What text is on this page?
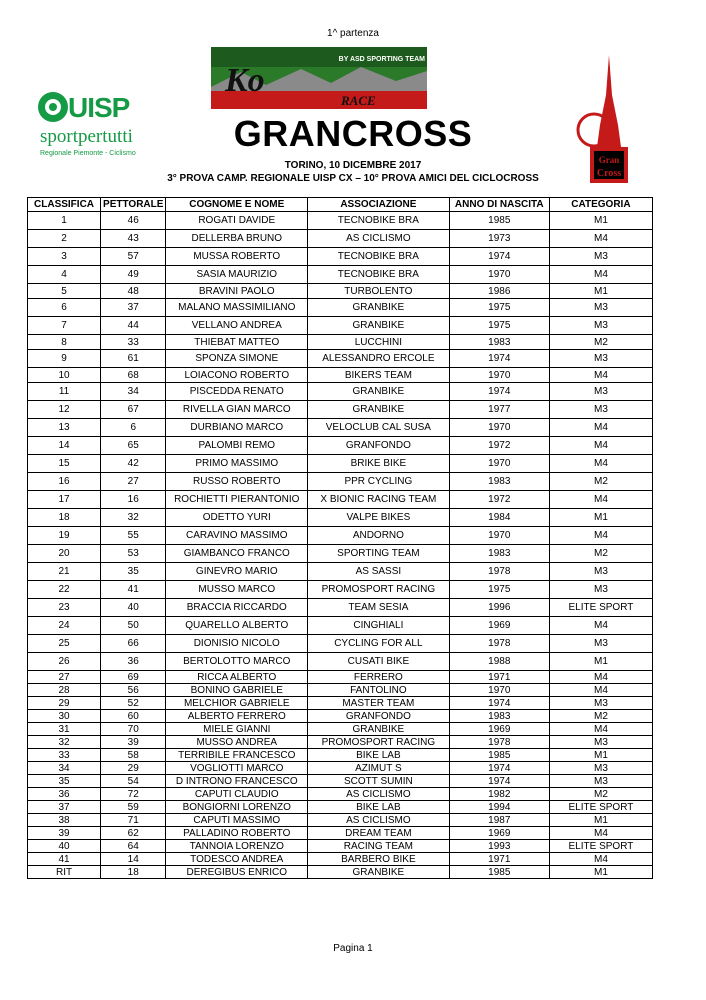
1^ partenza
UISP
sportpertutti
Regionale Piemonte - Ciclismo
BY ASD SPORTING TEAM
Ko
RACE
Gran
Cross
GRANCROSS
TORINO, 10 DICEMBRE 2017
3° PROVA CAMP. REGIONALE UISP CX – 10° PROVA AMICI DEL CICLOCROSS
CLASSIFICA	PETTORALE	COGNOME E NOME	ASSOCIAZIONE	ANNO DI NASCITA	CATEGORIA
1	46	ROGATI DAVIDE	TECNOBIKE BRA	1985	M1
2	43	DELLERBA BRUNO	AS CICLISMO	1973	M4
3	57	MUSSA ROBERTO	TECNOBIKE BRA	1974	M3
4	49	SASIA MAURIZIO	TECNOBIKE BRA	1970	M4
5	48	BRAVINI PAOLO	TURBOLENTO	1986	M1
6	37	MALANO MASSIMILIANO	GRANBIKE	1975	M3
7	44	VELLANO ANDREA	GRANBIKE	1975	M3
8	33	THIEBAT MATTEO	LUCCHINI	1983	M2
9	61	SPONZA SIMONE	ALESSANDRO ERCOLE	1974	M3
10	68	LOIACONO ROBERTO	BIKERS TEAM	1970	M4
11	34	PISCEDDA RENATO	GRANBIKE	1974	M3
12	67	RIVELLA GIAN MARCO	GRANBIKE	1977	M3
13	6	DURBIANO MARCO	VELOCLUB CAL SUSA	1970	M4
14	65	PALOMBI REMO	GRANFONDO	1972	M4
15	42	PRIMO MASSIMO	BRIKE BIKE	1970	M4
16	27	RUSSO ROBERTO	PPR CYCLING	1983	M2
17	16	ROCHIETTI PIERANTONIO	X BIONIC RACING TEAM	1972	M4
18	32	ODETTO YURI	VALPE BIKES	1984	M1
19	55	CARAVINO MASSIMO	ANDORNO	1970	M4
20	53	GIAMBANCO FRANCO	SPORTING TEAM	1983	M2
21	35	GINEVRO MARIO	AS SASSI	1978	M3
22	41	MUSSO MARCO	PROMOSPORT RACING	1975	M3
23	40	BRACCIA RICCARDO	TEAM SESIA	1996	ELITE SPORT
24	50	QUARELLO ALBERTO	CINGHIALI	1969	M4
25	66	DIONISIO NICOLO	CYCLING FOR ALL	1978	M3
26	36	BERTOLOTTO MARCO	CUSATI BIKE	1988	M1
27	69	RICCA ALBERTO	FERRERO	1971	M4
28	56	BONINO GABRIELE	FANTOLINO	1970	M4
29	52	MELCHIOR GABRIELE	MASTER TEAM	1974	M3
30	60	ALBERTO FERRERO	GRANFONDO	1983	M2
31	70	MIELE GIANNI	GRANBIKE	1969	M4
32	39	MUSSO ANDREA	PROMOSPORT RACING	1978	M3
33	58	TERRIBILE FRANCESCO	BIKE LAB	1985	M1
34	29	VOGLIOTTI MARCO	AZIMUT S	1974	M3
35	54	D INTRONO FRANCESCO	SCOTT SUMIN	1974	M3
36	72	CAPUTI CLAUDIO	AS CICLISMO	1982	M2
37	59	BONGIORNI LORENZO	BIKE LAB	1994	ELITE SPORT
38	71	CAPUTI MASSIMO	AS CICLISMO	1987	M1
39	62	PALLADINO ROBERTO	DREAM TEAM	1969	M4
40	64	TANNOIA LORENZO	RACING TEAM	1993	ELITE SPORT
41	14	TODESCO ANDREA	BARBERO BIKE	1971	M4
RIT	18	DEREGIBUS ENRICO	GRANBIKE	1985	M1
Pagina 1
